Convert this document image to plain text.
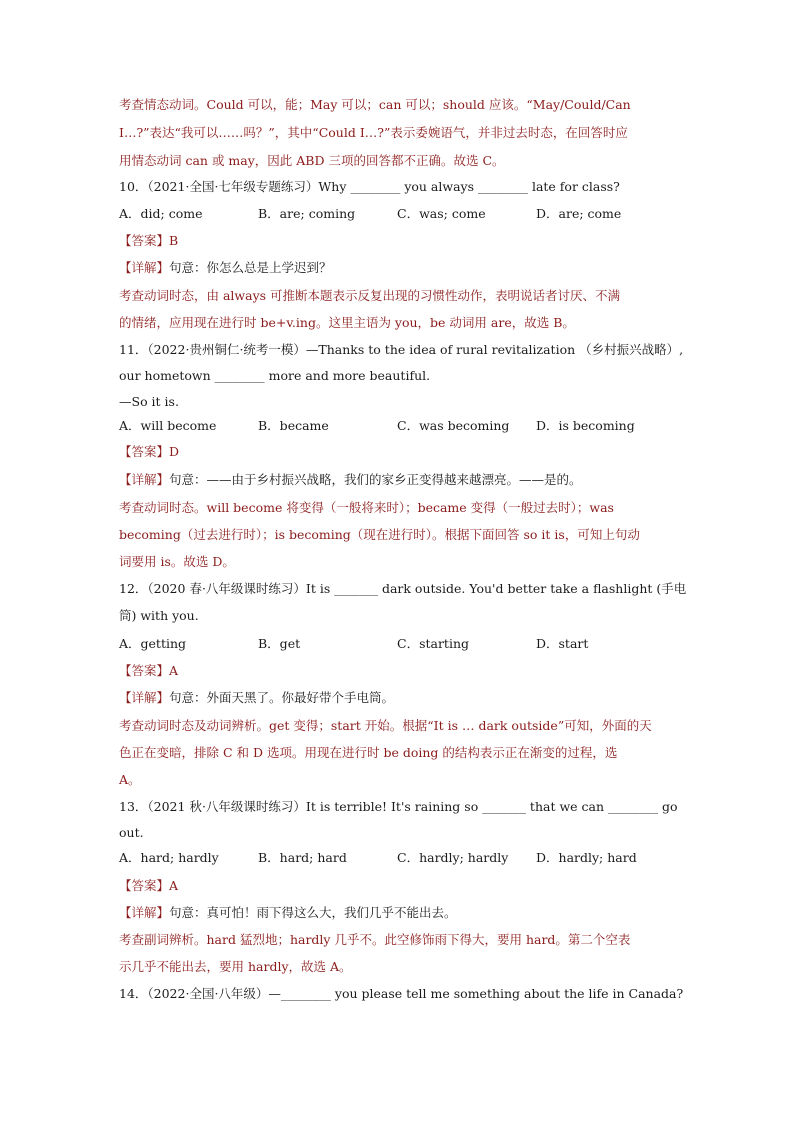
考查情态动词。Could 可以，能；May 可以；can 可以；should 应该。“May/Could/Can
I…?”表达“我可以……吗？”，其中“Could I…?”表示委婉语气，并非过去时态，在回答时应
用情态动词 can 或 may，因此 ABD 三项的回答都不正确。故选 C。
10．（2021·全国·七年级专题练习）Why ________ you always ________ late for class?
A．did; come	B．are; coming	C．was; come	D．are; come
【答案】B
【详解】句意：你怎么总是上学迟到？
考查动词时态，由 always 可推断本题表示反复出现的习惯性动作，表明说话者讨厌、不满
的情绪，应用现在进行时 be+v.ing。这里主语为 you，be 动词用 are，故选 B。
11．（2022·贵州铜仁·统考一模）—Thanks to the idea of rural revitalization （乡村振兴战略）,
our hometown ________ more and more beautiful.
—So it is.
A．will become	B．became	C．was becoming D．is becoming
【答案】D
【详解】句意：——由于乡村振兴战略，我们的家乡正变得越来越漂亮。——是的。
考查动词时态。will become 将变得（一般将来时）；became 变得（一般过去时）；was
becoming（过去进行时）；is becoming（现在进行时）。根据下面回答 so it is，可知上句动
词要用 is。故选 D。
12．（2020 春·八年级课时练习）It is _______ dark outside. You'd better take a flashlight (手电
筒) with you.
A．getting	B．get	C．starting	D．start
【答案】A
【详解】句意：外面天黑了。你最好带个手电筒。
考查动词时态及动词辨析。get 变得；start 开始。根据“It is … dark outside”可知，外面的天
色正在变暗，排除 C 和 D 选项。用现在进行时 be doing 的结构表示正在渐变的过程，选
A。
13．（2021 秋·八年级课时练习）It is terrible! It's raining so _______ that we can ________ go
out.
A．hard; hardly	B．hard; hard	C．hardly; hardly D．hardly; hard
【答案】A
【详解】句意：真可怕！雨下得这么大，我们几乎不能出去。
考查副词辨析。hard 猛烈地；hardly 几乎不。此空修饰雨下得大，要用 hard。第二个空表
示几乎不能出去，要用 hardly，故选 A。
14．（2022·全国·八年级）—________ you please tell me something about the life in Canada?
